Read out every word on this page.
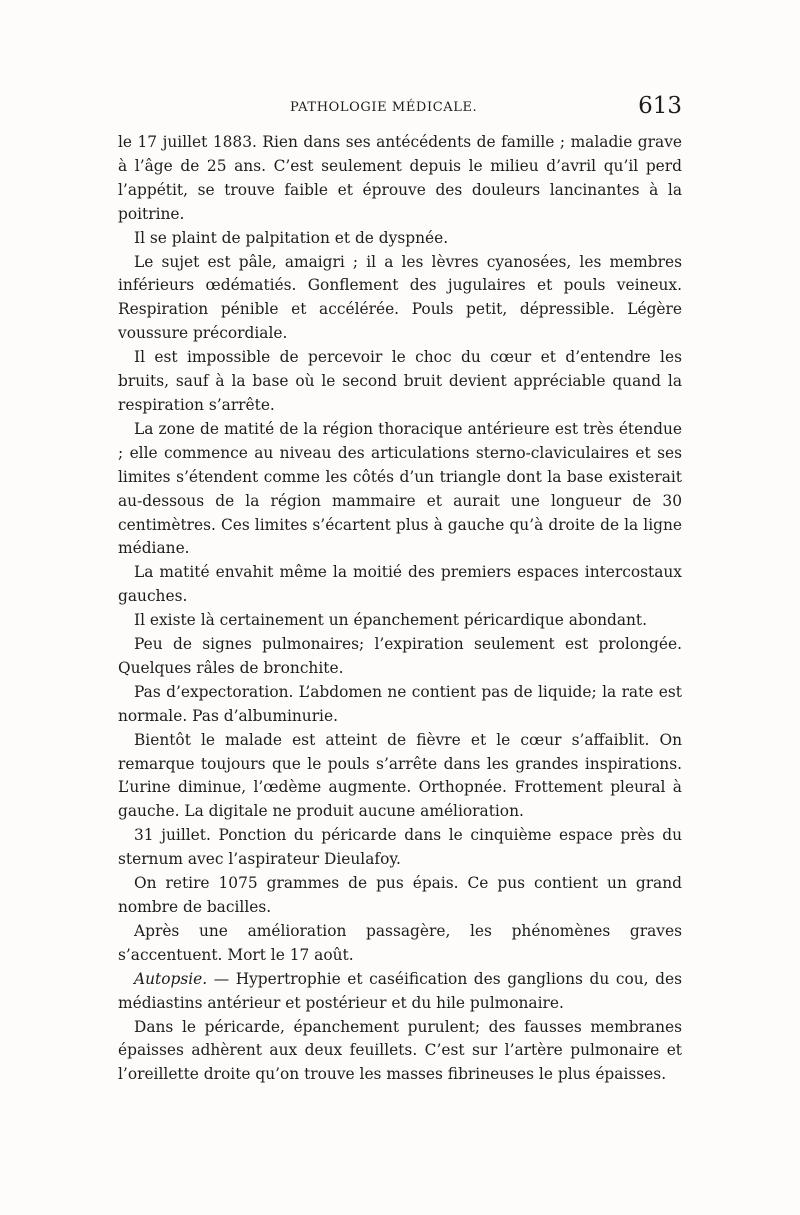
PATHOLOGIE MÉDICALE.	613

le 17 juillet 1883. Rien dans ses antécédents de famille ; maladie grave à l’âge de 25 ans. C’est seulement depuis le milieu d’avril qu’il perd l’appétit, se trouve faible et éprouve des douleurs lancinantes à la poitrine.

Il se plaint de palpitation et de dyspnée.

Le sujet est pâle, amaigri ; il a les lèvres cyanosées, les membres inférieurs œdématiés. Gonflement des jugulaires et pouls veineux. Respiration pénible et accélérée. Pouls petit, dépressible. Légère voussure précordiale.

Il est impossible de percevoir le choc du cœur et d’entendre les bruits, sauf à la base où le second bruit devient appréciable quand la respiration s’arrête.

La zone de matité de la région thoracique antérieure est très étendue ; elle commence au niveau des articulations sterno-claviculaires et ses limites s’étendent comme les côtés d’un triangle dont la base existerait au-dessous de la région mammaire et aurait une longueur de 30 centimètres. Ces limites s’écartent plus à gauche qu’à droite de la ligne médiane.

La matité envahit même la moitié des premiers espaces intercostaux gauches.

Il existe là certainement un épanchement péricardique abondant.

Peu de signes pulmonaires; l’expiration seulement est prolongée. Quelques râles de bronchite.

Pas d’expectoration. L’abdomen ne contient pas de liquide; la rate est normale. Pas d’albuminurie.

Bientôt le malade est atteint de fièvre et le cœur s’affaiblit. On remarque toujours que le pouls s’arrête dans les grandes inspirations. L’urine diminue, l’œdème augmente. Orthopnée. Frottement pleural à gauche. La digitale ne produit aucune amélioration.

31 juillet. Ponction du péricarde dans le cinquième espace près du sternum avec l’aspirateur Dieulafoy.

On retire 1075 grammes de pus épais. Ce pus contient un grand nombre de bacilles.

Après une amélioration passagère, les phénomènes graves s’accentuent. Mort le 17 août.

Autopsie. — Hypertrophie et caséification des ganglions du cou, des médiastins antérieur et postérieur et du hile pulmonaire.

Dans le péricarde, épanchement purulent; des fausses membranes épaisses adhèrent aux deux feuillets. C’est sur l’artère pulmonaire et l’oreillette droite qu’on trouve les masses fibrineuses le plus épaisses.
